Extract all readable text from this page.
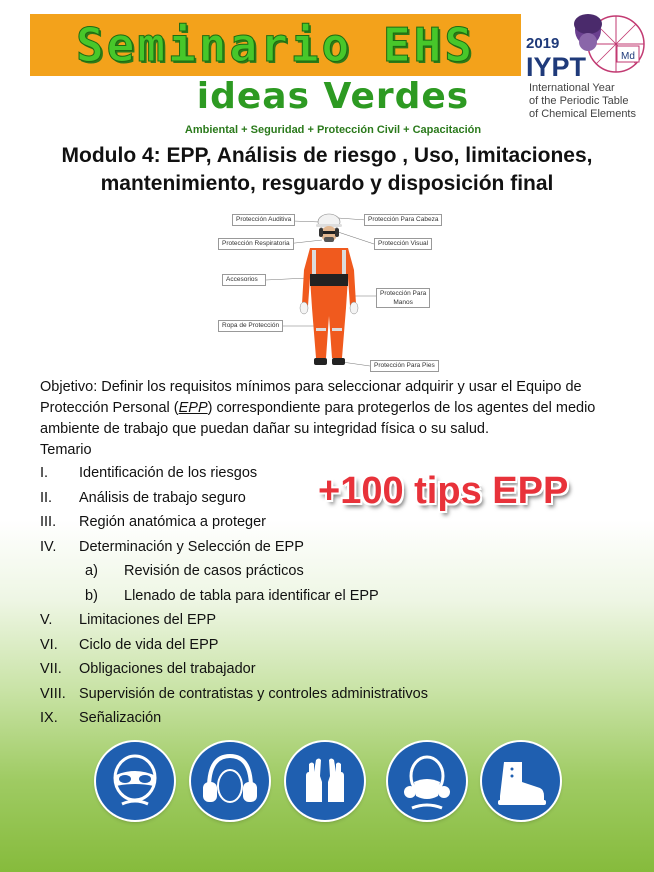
Seminario EHS
ideas Verdes
Ambiental + Seguridad + Protección Civil + Capacitación
2019
IYPT	Md
International Year
of the Periodic Table
of Chemical Elements
Modulo 4: EPP, Análisis de riesgo , Uso, limitaciones,
mantenimiento, resguardo y disposición final
Protección Auditiva	Protección Para Cabeza
Protección Respiratoria	Protección Visual
Accesorios
Protección Para
Manos
Ropa de Protección
Protección Para Pies
Objetivo: Definir los requisitos mínimos para seleccionar adquirir y usar el Equipo de Protección Personal (EPP) correspondiente para protegerlos de los agentes del medio ambiente de trabajo que puedan dañar su integridad física o su salud.
Temario
I.	Identificación de los riesgos
II.	Análisis de trabajo seguro
III.	Región anatómica a proteger
IV.	Determinación y Selección de EPP
a)	Revisión de casos prácticos
b)	Llenado de tabla para identificar el EPP
V.	Limitaciones del EPP
VI.	Ciclo de vida del EPP
VII.	Obligaciones del trabajador
VIII. Supervisión de contratistas y controles administrativos
IX.	Señalización
+100 tips EPP
